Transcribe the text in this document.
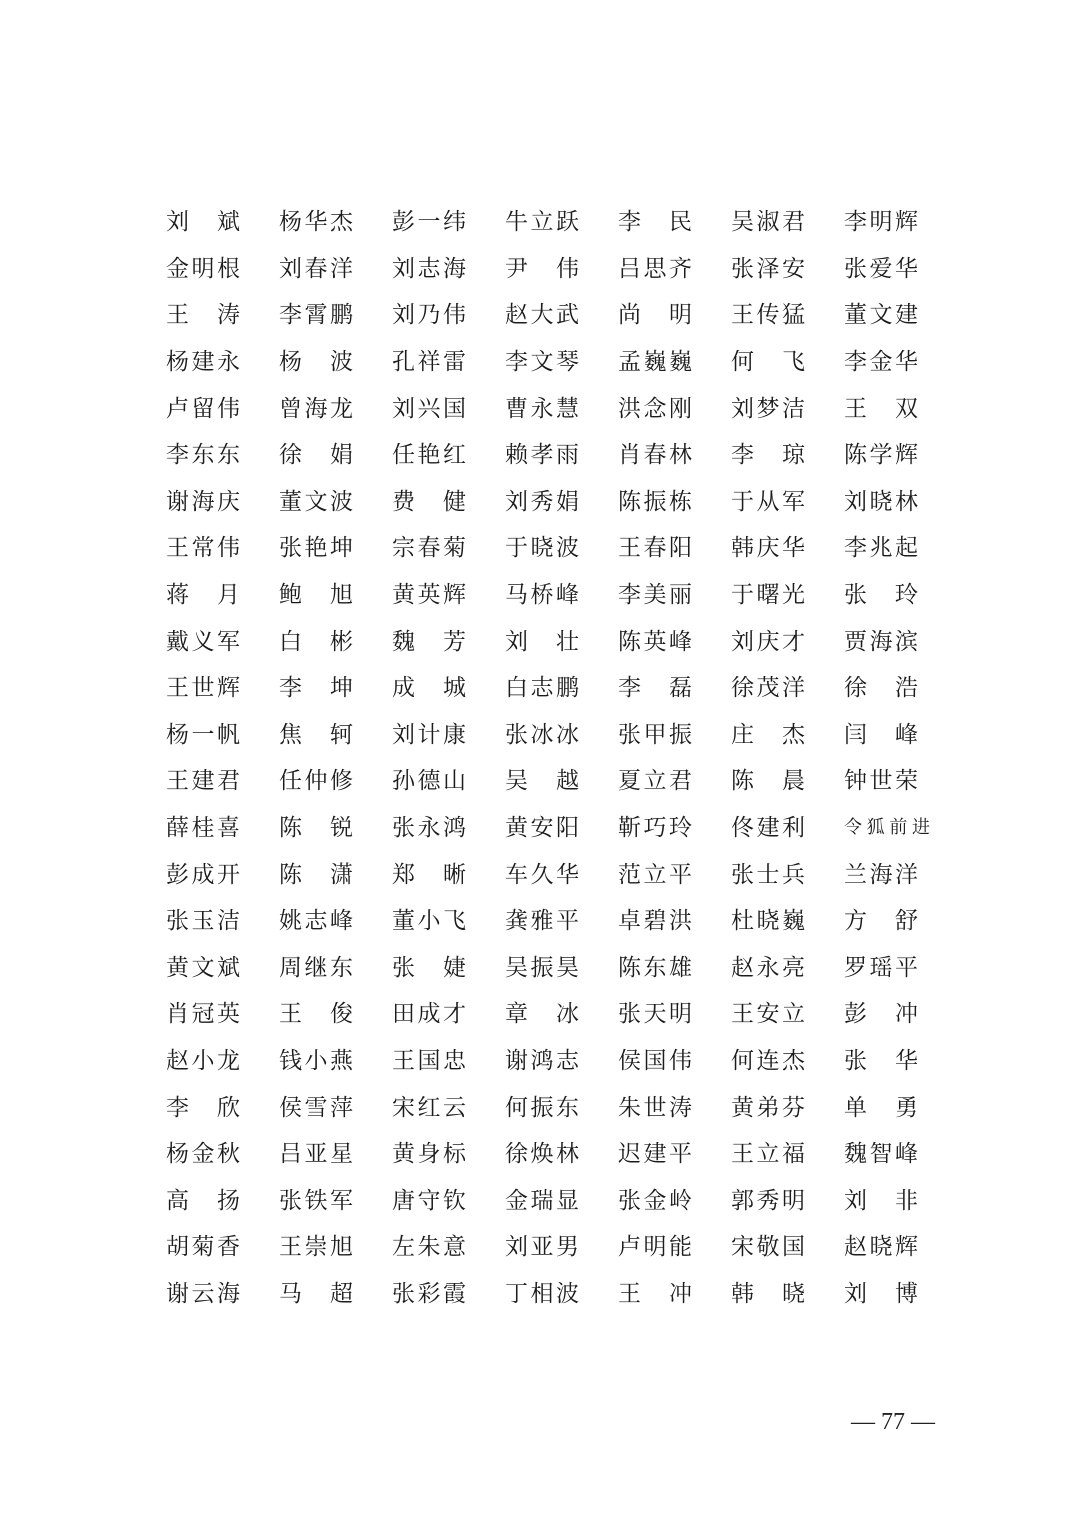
刘 斌 杨华杰 彭一纬 牛立跃 李 民 吴淑君 李明辉
金明根 刘春洋 刘志海 尹 伟 吕思齐 张泽安 张爱华
王 涛 李霄鹏 刘乃伟 赵大武 尚 明 王传猛 董文建
杨建永 杨 波 孔祥雷 李文琴 孟巍巍 何 飞 李金华
卢留伟 曾海龙 刘兴国 曹永慧 洪念刚 刘梦洁 王 双
李东东 徐 娟 任艳红 赖孝雨 肖春林 李 琼 陈学辉
谢海庆 董文波 费 健 刘秀娟 陈振栋 于从军 刘晓林
王常伟 张艳坤 宗春菊 于晓波 王春阳 韩庆华 李兆起
蒋 月 鲍 旭 黄英辉 马桥峰 李美丽 于曙光 张 玲
戴义军 白 彬 魏 芳 刘 壮 陈英峰 刘庆才 贾海滨
王世辉 李 坤 成 城 白志鹏 李 磊 徐茂洋 徐 浩
杨一帆 焦 轲 刘计康 张冰冰 张甲振 庄 杰 闫 峰
王建君 任仲修 孙德山 吴 越 夏立君 陈 晨 钟世荣
薛桂喜 陈 锐 张永鸿 黄安阳 靳巧玲 佟建利 令狐前进
彭成开 陈 潇 郑 晰 车久华 范立平 张士兵 兰海洋
张玉洁 姚志峰 董小飞 龚雅平 卓碧洪 杜晓巍 方 舒
黄文斌 周继东 张 婕 吴振昊 陈东雄 赵永亮 罗瑶平
肖冠英 王 俊 田成才 章 冰 张天明 王安立 彭 冲
赵小龙 钱小燕 王国忠 谢鸿志 侯国伟 何连杰 张 华
李 欣 侯雪萍 宋红云 何振东 朱世涛 黄弟芬 单 勇
杨金秋 吕亚星 黄身标 徐焕林 迟建平 王立福 魏智峰
高 扬 张铁军 唐守钦 金瑞显 张金岭 郭秀明 刘 非
胡菊香 王崇旭 左朱意 刘亚男 卢明能 宋敬国 赵晓辉
谢云海 马 超 张彩霞 丁相波 王 冲 韩 晓 刘 博
— 77 —
